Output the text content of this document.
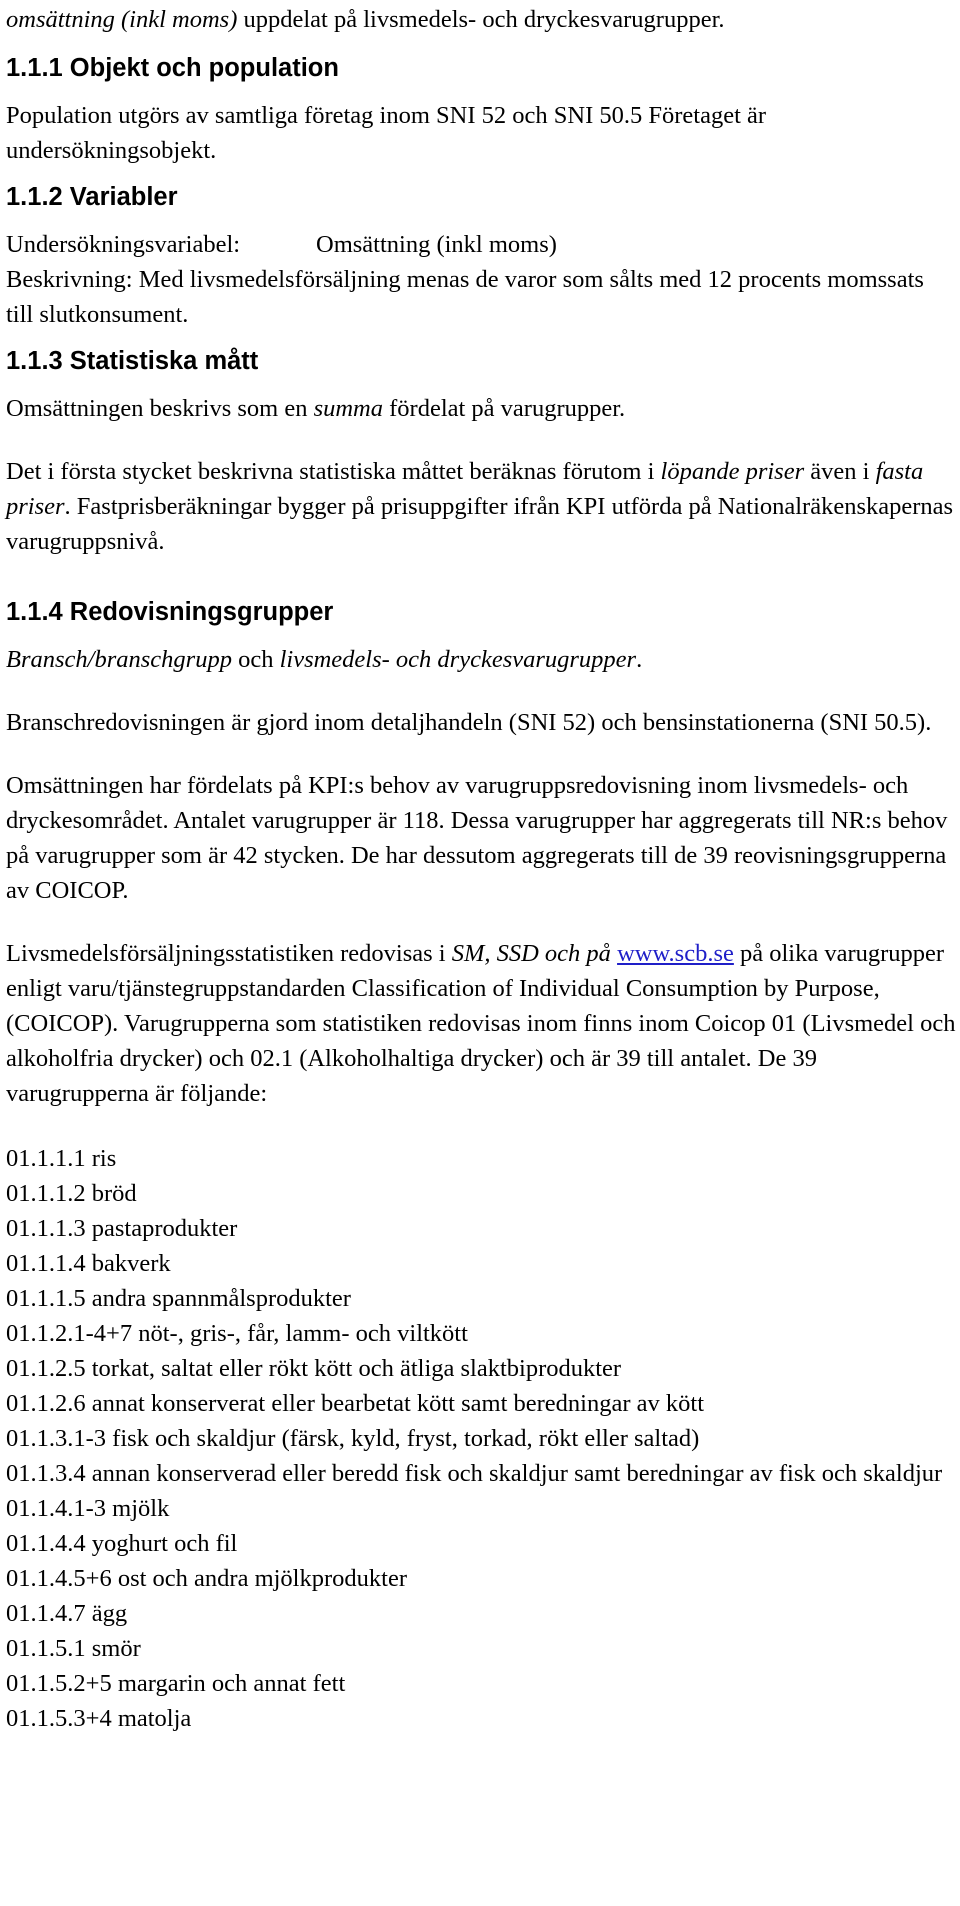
omsättning (inkl moms) uppdelat på livsmedels- och dryckesvarugrupper.

1.1.1 Objekt och population

Population utgörs av samtliga företag inom SNI 52 och SNI 50.5 Företaget är undersökningsobjekt.

1.1.2 Variabler

Undersökningsvariabel:	Omsättning (inkl moms)

Beskrivning: Med livsmedelsförsäljning menas de varor som sålts med 12 procents momssats till slutkonsument.

1.1.3 Statistiska mått

Omsättningen beskrivs som en summa fördelat på varugrupper.

Det i första stycket beskrivna statistiska måttet beräknas förutom i löpande priser även i fasta priser. Fastprisberäkningar bygger på prisuppgifter ifrån KPI utförda på Nationalräkenskapernas varugruppsnivå.

1.1.4 Redovisningsgrupper

Bransch/branschgrupp och livsmedels- och dryckesvarugrupper.

Branschredovisningen är gjord inom detaljhandeln (SNI 52) och bensinstationerna (SNI 50.5).

Omsättningen har fördelats på KPI:s behov av varugruppsredovisning inom livsmedels- och dryckesområdet. Antalet varugrupper är 118. Dessa varugrupper har aggregerats till NR:s behov på varugrupper som är 42 stycken. De har dessutom aggregerats till de 39 reovisningsgrupperna av COICOP.

Livsmedelsförsäljningsstatistiken redovisas i SM, SSD och på www.scb.se på olika varugrupper enligt varu/tjänstegruppstandarden Classification of Individual Consumption by Purpose, (COICOP). Varugrupperna som statistiken redovisas inom finns inom Coicop 01 (Livsmedel och alkoholfria drycker) och 02.1 (Alkoholhaltiga drycker) och är 39 till antalet. De 39 varugrupperna är följande:

01.1.1.1 ris
01.1.1.2 bröd
01.1.1.3 pastaprodukter
01.1.1.4 bakverk
01.1.1.5 andra spannmålsprodukter
01.1.2.1-4+7 nöt-, gris-, får, lamm- och viltkött
01.1.2.5 torkat, saltat eller rökt kött och ätliga slaktbiprodukter
01.1.2.6 annat konserverat eller bearbetat kött samt beredningar av kött
01.1.3.1-3 fisk och skaldjur (färsk, kyld, fryst, torkad, rökt eller saltad)
01.1.3.4 annan konserverad eller beredd fisk och skaldjur samt beredningar av fisk och skaldjur
01.1.4.1-3 mjölk
01.1.4.4 yoghurt och fil
01.1.4.5+6 ost och andra mjölkprodukter
01.1.4.7 ägg
01.1.5.1 smör
01.1.5.2+5 margarin och annat fett
01.1.5.3+4 matolja
